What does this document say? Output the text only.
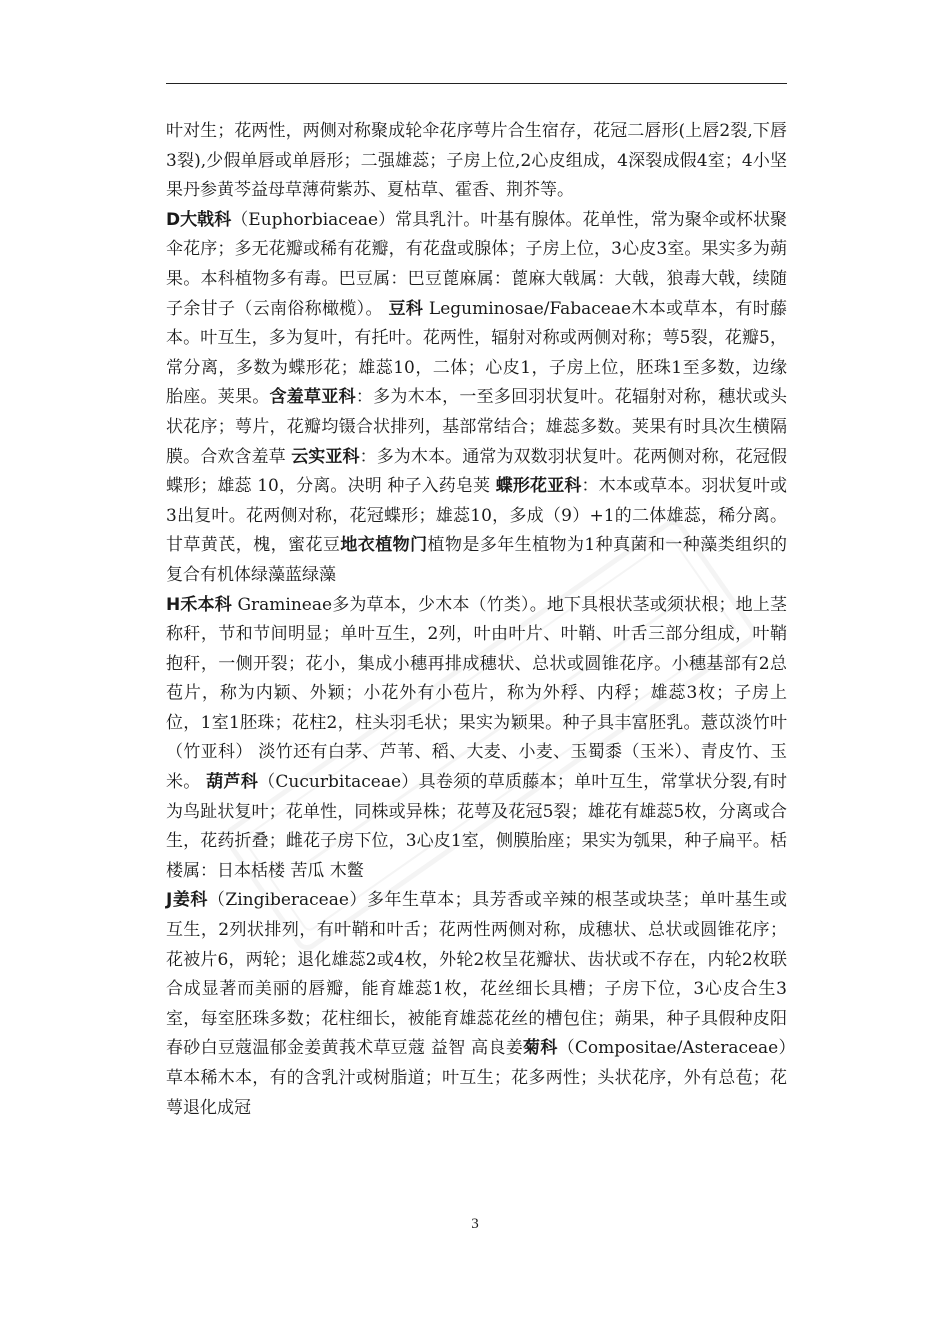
叶对生；花两性，两侧对称聚成轮伞花序萼片合生宿存，花冠二唇形(上唇2裂,下唇3裂),少假单唇或单唇形；二强雄蕊；子房上位,2心皮组成，4深裂成假4室；4小坚果丹参黄芩益母草薄荷紫苏、夏枯草、霍香、荆芥等。

D大戟科（Euphorbiaceae）常具乳汁。叶基有腺体。花单性，常为聚伞或杯状聚伞花序；多无花瓣或稀有花瓣，有花盘或腺体；子房上位，3心皮3室。果实多为蒴果。本科植物多有毒。巴豆属：巴豆蓖麻属：蓖麻大戟属：大戟，狼毒大戟，续随子余甘子（云南俗称橄榄）。 豆科 Leguminosae/Fabaceae木本或草本，有时藤本。叶互生，多为复叶，有托叶。花两性，辐射对称或两侧对称；萼5裂，花瓣5，常分离，多数为蝶形花；雄蕊10，二体；心皮1，子房上位，胚珠1至多数，边缘胎座。荚果。含羞草亚科：多为木本，一至多回羽状复叶。花辐射对称，穗状或头状花序；萼片，花瓣均镊合状排列，基部常结合；雄蕊多数。荚果有时具次生横隔膜。合欢含羞草 云实亚科：多为木本。通常为双数羽状复叶。花两侧对称，花冠假蝶形；雄蕊 10，分离。决明 种子入药皂荚 蝶形花亚科：木本或草本。羽状复叶或3出复叶。花两侧对称，花冠蝶形；雄蕊10，多成（9）+1的二体雄蕊，稀分离。甘草黄芪，槐，蜜花豆地衣植物门植物是多年生植物为1种真菌和一种藻类组织的复合有机体绿藻蓝绿藻

H禾本科 Gramineae多为草本，少木本（竹类）。地下具根状茎或须状根；地上茎称秆，节和节间明显；单叶互生，2列，叶由叶片、叶鞘、叶舌三部分组成，叶鞘抱秆，一侧开裂；花小，集成小穗再排成穗状、总状或圆锥花序。小穗基部有2总苞片，称为内颖、外颖；小花外有小苞片，称为外稃、内稃；雄蕊3枚；子房上位，1室1胚珠；花柱2，柱头羽毛状；果实为颖果。种子具丰富胚乳。薏苡淡竹叶（竹亚科） 淡竹还有白茅、芦苇、稻、大麦、小麦、玉蜀黍（玉米）、青皮竹、玉米。 葫芦科（Cucurbitaceae）具卷须的草质藤本；单叶互生，常掌状分裂,有时为鸟趾状复叶；花单性，同株或异株；花萼及花冠5裂；雄花有雄蕊5枚，分离或合生，花药折叠；雌花子房下位，3心皮1室，侧膜胎座；果实为瓠果，种子扁平。栝楼属：日本栝楼 苦瓜 木鳖

J姜科（Zingiberaceae）多年生草本；具芳香或辛辣的根茎或块茎；单叶基生或互生，2列状排列，有叶鞘和叶舌；花两性两侧对称，成穗状、总状或圆锥花序；花被片6，两轮；退化雄蕊2或4枚，外轮2枚呈花瓣状、齿状或不存在，内轮2枚联合成显著而美丽的唇瓣，能育雄蕊1枚，花丝细长具槽；子房下位，3心皮合生3室，每室胚珠多数；花柱细长，被能育雄蕊花丝的槽包住；蒴果，种子具假种皮阳春砂白豆蔻温郁金姜黄莪术草豆蔻 益智 高良姜菊科（Compositae/Asteraceae）草本稀木本，有的含乳汁或树脂道；叶互生；花多两性；头状花序，外有总苞；花萼退化成冠

3
